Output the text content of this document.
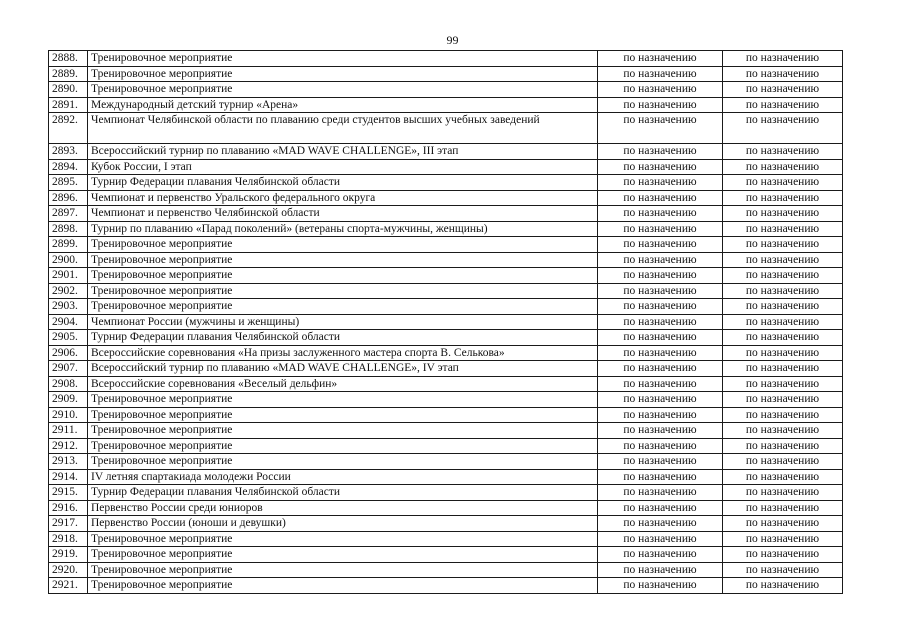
99
2888.	Тренировочное мероприятие	по назначению	по назначению
2889.	Тренировочное мероприятие	по назначению	по назначению
2890.	Тренировочное мероприятие	по назначению	по назначению
2891.	Международный детский турнир «Арена»	по назначению	по назначению
2892.	Чемпионат Челябинской области по плаванию среди студентов высших учебных заведений	по назначению	по назначению
2893.	Всероссийский турнир по плаванию «MAD WAVE CHALLENGE», III этап	по назначению	по назначению
2894.	Кубок России, I этап	по назначению	по назначению
2895.	Турнир Федерации плавания Челябинской области	по назначению	по назначению
2896.	Чемпионат и первенство Уральского федерального округа	по назначению	по назначению
2897.	Чемпионат и первенство Челябинской области	по назначению	по назначению
2898.	Турнир по плаванию «Парад поколений» (ветераны спорта-мужчины, женщины)	по назначению	по назначению
2899.	Тренировочное мероприятие	по назначению	по назначению
2900.	Тренировочное мероприятие	по назначению	по назначению
2901.	Тренировочное мероприятие	по назначению	по назначению
2902.	Тренировочное мероприятие	по назначению	по назначению
2903.	Тренировочное мероприятие	по назначению	по назначению
2904.	Чемпионат России (мужчины и женщины)	по назначению	по назначению
2905.	Турнир Федерации плавания Челябинской области	по назначению	по назначению
2906.	Всероссийские соревнования «На призы заслуженного мастера спорта В. Селькова»	по назначению	по назначению
2907.	Всероссийский турнир по плаванию «MAD WAVE CHALLENGE», IV этап	по назначению	по назначению
2908.	Всероссийские соревнования «Веселый дельфин»	по назначению	по назначению
2909.	Тренировочное мероприятие	по назначению	по назначению
2910.	Тренировочное мероприятие	по назначению	по назначению
2911.	Тренировочное мероприятие	по назначению	по назначению
2912.	Тренировочное мероприятие	по назначению	по назначению
2913.	Тренировочное мероприятие	по назначению	по назначению
2914.	IV летняя спартакиада молодежи России	по назначению	по назначению
2915.	Турнир Федерации плавания Челябинской области	по назначению	по назначению
2916.	Первенство России среди юниоров	по назначению	по назначению
2917.	Первенство России (юноши и девушки)	по назначению	по назначению
2918.	Тренировочное мероприятие	по назначению	по назначению
2919.	Тренировочное мероприятие	по назначению	по назначению
2920.	Тренировочное мероприятие	по назначению	по назначению
2921.	Тренировочное мероприятие	по назначению	по назначению
